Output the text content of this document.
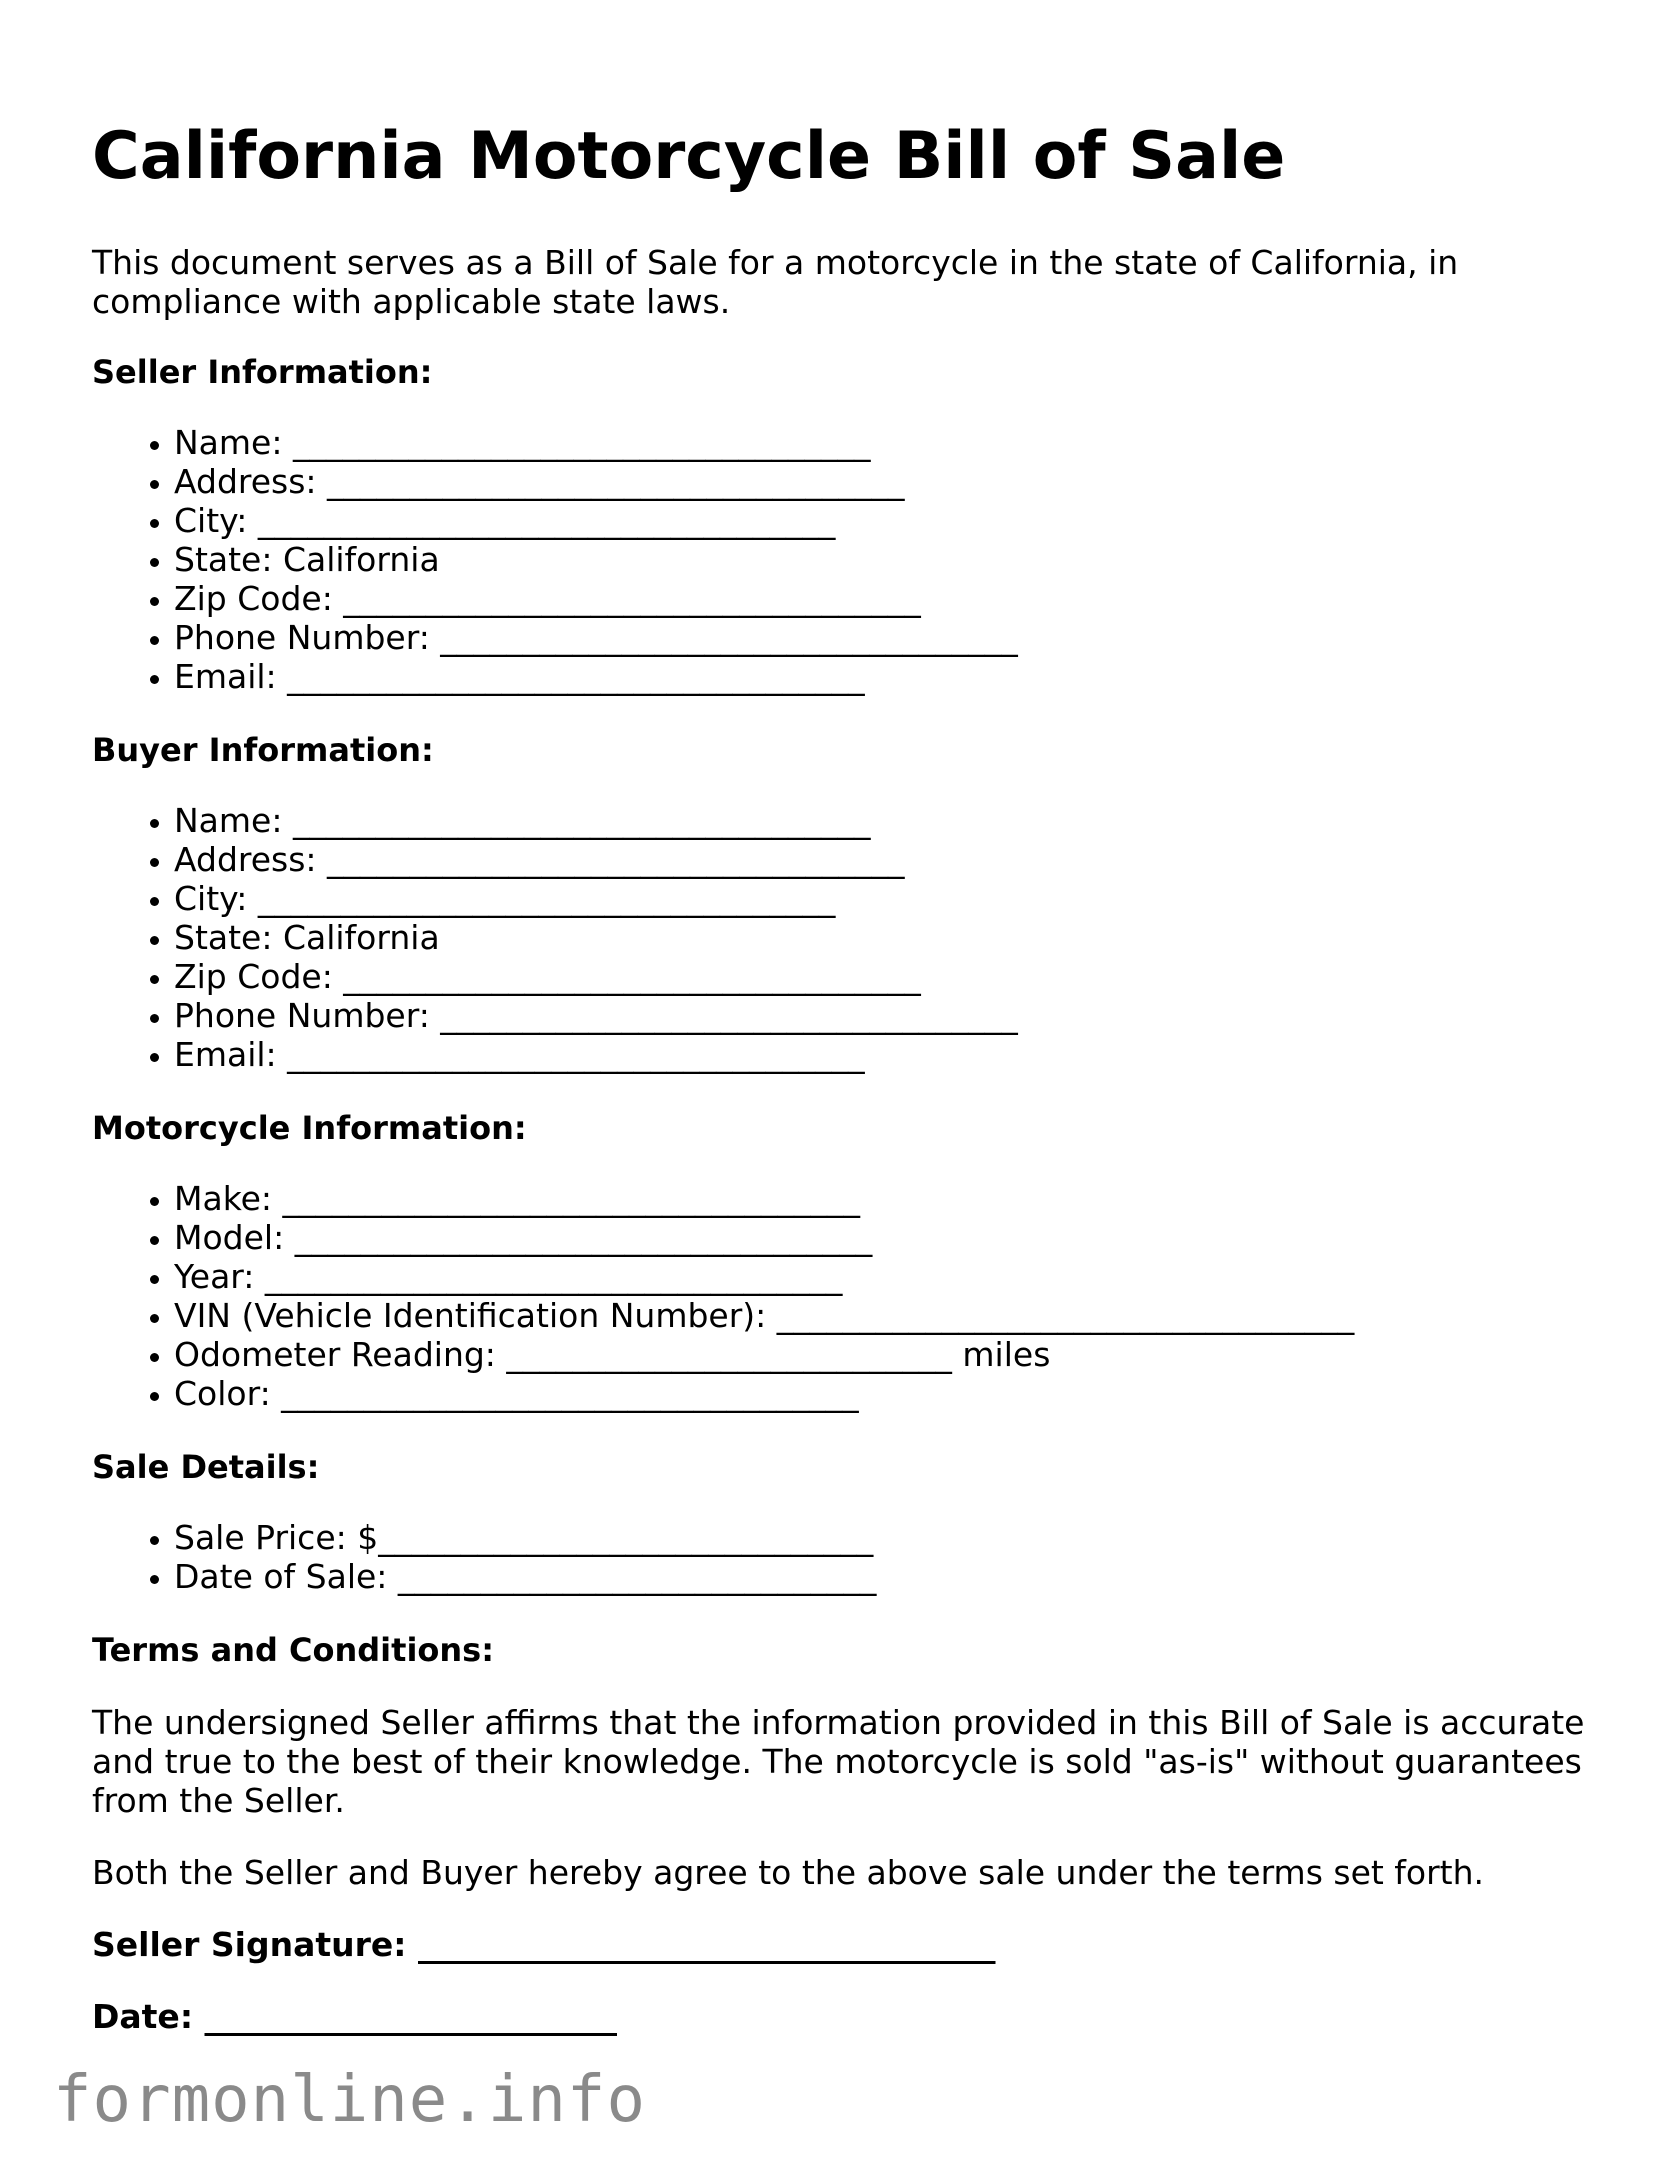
California Motorcycle Bill of Sale

This document serves as a Bill of Sale for a motorcycle in the state of California, in compliance with applicable state laws.

Seller Information:

• Name: ___________________________________
• Address: ___________________________________
• City: ___________________________________
• State: California
• Zip Code: ___________________________________
• Phone Number: ___________________________________
• Email: ___________________________________

Buyer Information:

• Name: ___________________________________
• Address: ___________________________________
• City: ___________________________________
• State: California
• Zip Code: ___________________________________
• Phone Number: ___________________________________
• Email: ___________________________________

Motorcycle Information:

• Make: ___________________________________
• Model: ___________________________________
• Year: ___________________________________
• VIN (Vehicle Identification Number): ___________________________________
• Odometer Reading: ___________________________ miles
• Color: ___________________________________

Sale Details:

• Sale Price: $______________________________
• Date of Sale: _____________________________

Terms and Conditions:

The undersigned Seller affirms that the information provided in this Bill of Sale is accurate and true to the best of their knowledge. The motorcycle is sold "as-is" without guarantees from the Seller.

Both the Seller and Buyer hereby agree to the above sale under the terms set forth.

Seller Signature: ___________________________________

Date: _________________________

formonline.info
